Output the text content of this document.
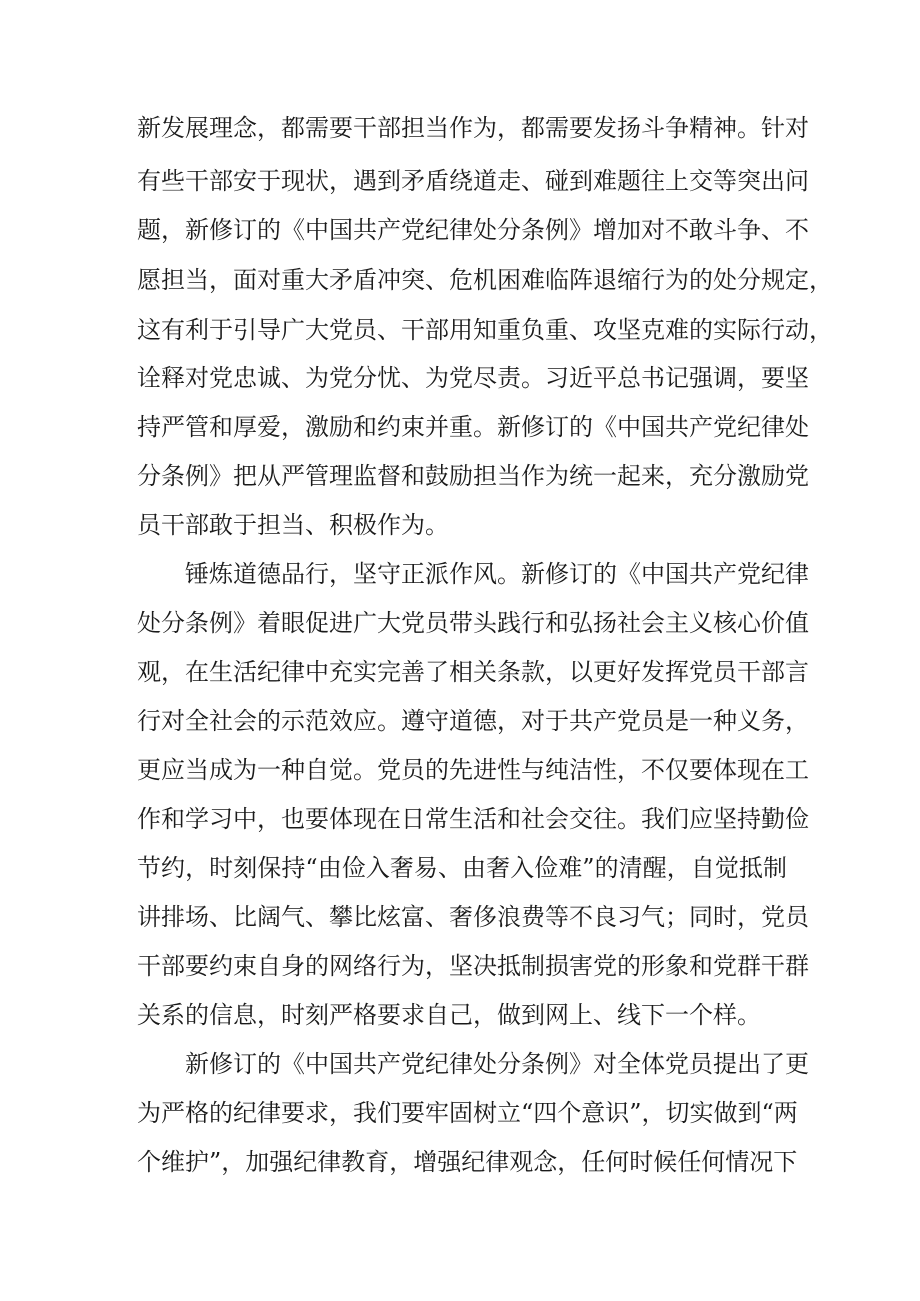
新发展理念，都需要干部担当作为，都需要发扬斗争精神。针对
有些干部安于现状，遇到矛盾绕道走、碰到难题往上交等突出问
题，新修订的《中国共产党纪律处分条例》增加对不敢斗争、不
愿担当，面对重大矛盾冲突、危机困难临阵退缩行为的处分规定，
这有利于引导广大党员、干部用知重负重、攻坚克难的实际行动，
诠释对党忠诚、为党分忧、为党尽责。习近平总书记强调，要坚
持严管和厚爱，激励和约束并重。新修订的《中国共产党纪律处
分条例》把从严管理监督和鼓励担当作为统一起来，充分激励党
员干部敢于担当、积极作为。
锤炼道德品行，坚守正派作风。新修订的《中国共产党纪律
处分条例》着眼促进广大党员带头践行和弘扬社会主义核心价值
观，在生活纪律中充实完善了相关条款，以更好发挥党员干部言
行对全社会的示范效应。遵守道德，对于共产党员是一种义务，
更应当成为一种自觉。党员的先进性与纯洁性，不仅要体现在工
作和学习中，也要体现在日常生活和社会交往。我们应坚持勤俭
节约，时刻保持“由俭入奢易、由奢入俭难”的清醒，自觉抵制
讲排场、比阔气、攀比炫富、奢侈浪费等不良习气；同时，党员
干部要约束自身的网络行为，坚决抵制损害党的形象和党群干群
关系的信息，时刻严格要求自己，做到网上、线下一个样。
新修订的《中国共产党纪律处分条例》对全体党员提出了更
为严格的纪律要求，我们要牢固树立“四个意识”，切实做到“两
个维护”，加强纪律教育，增强纪律观念，任何时候任何情况下
